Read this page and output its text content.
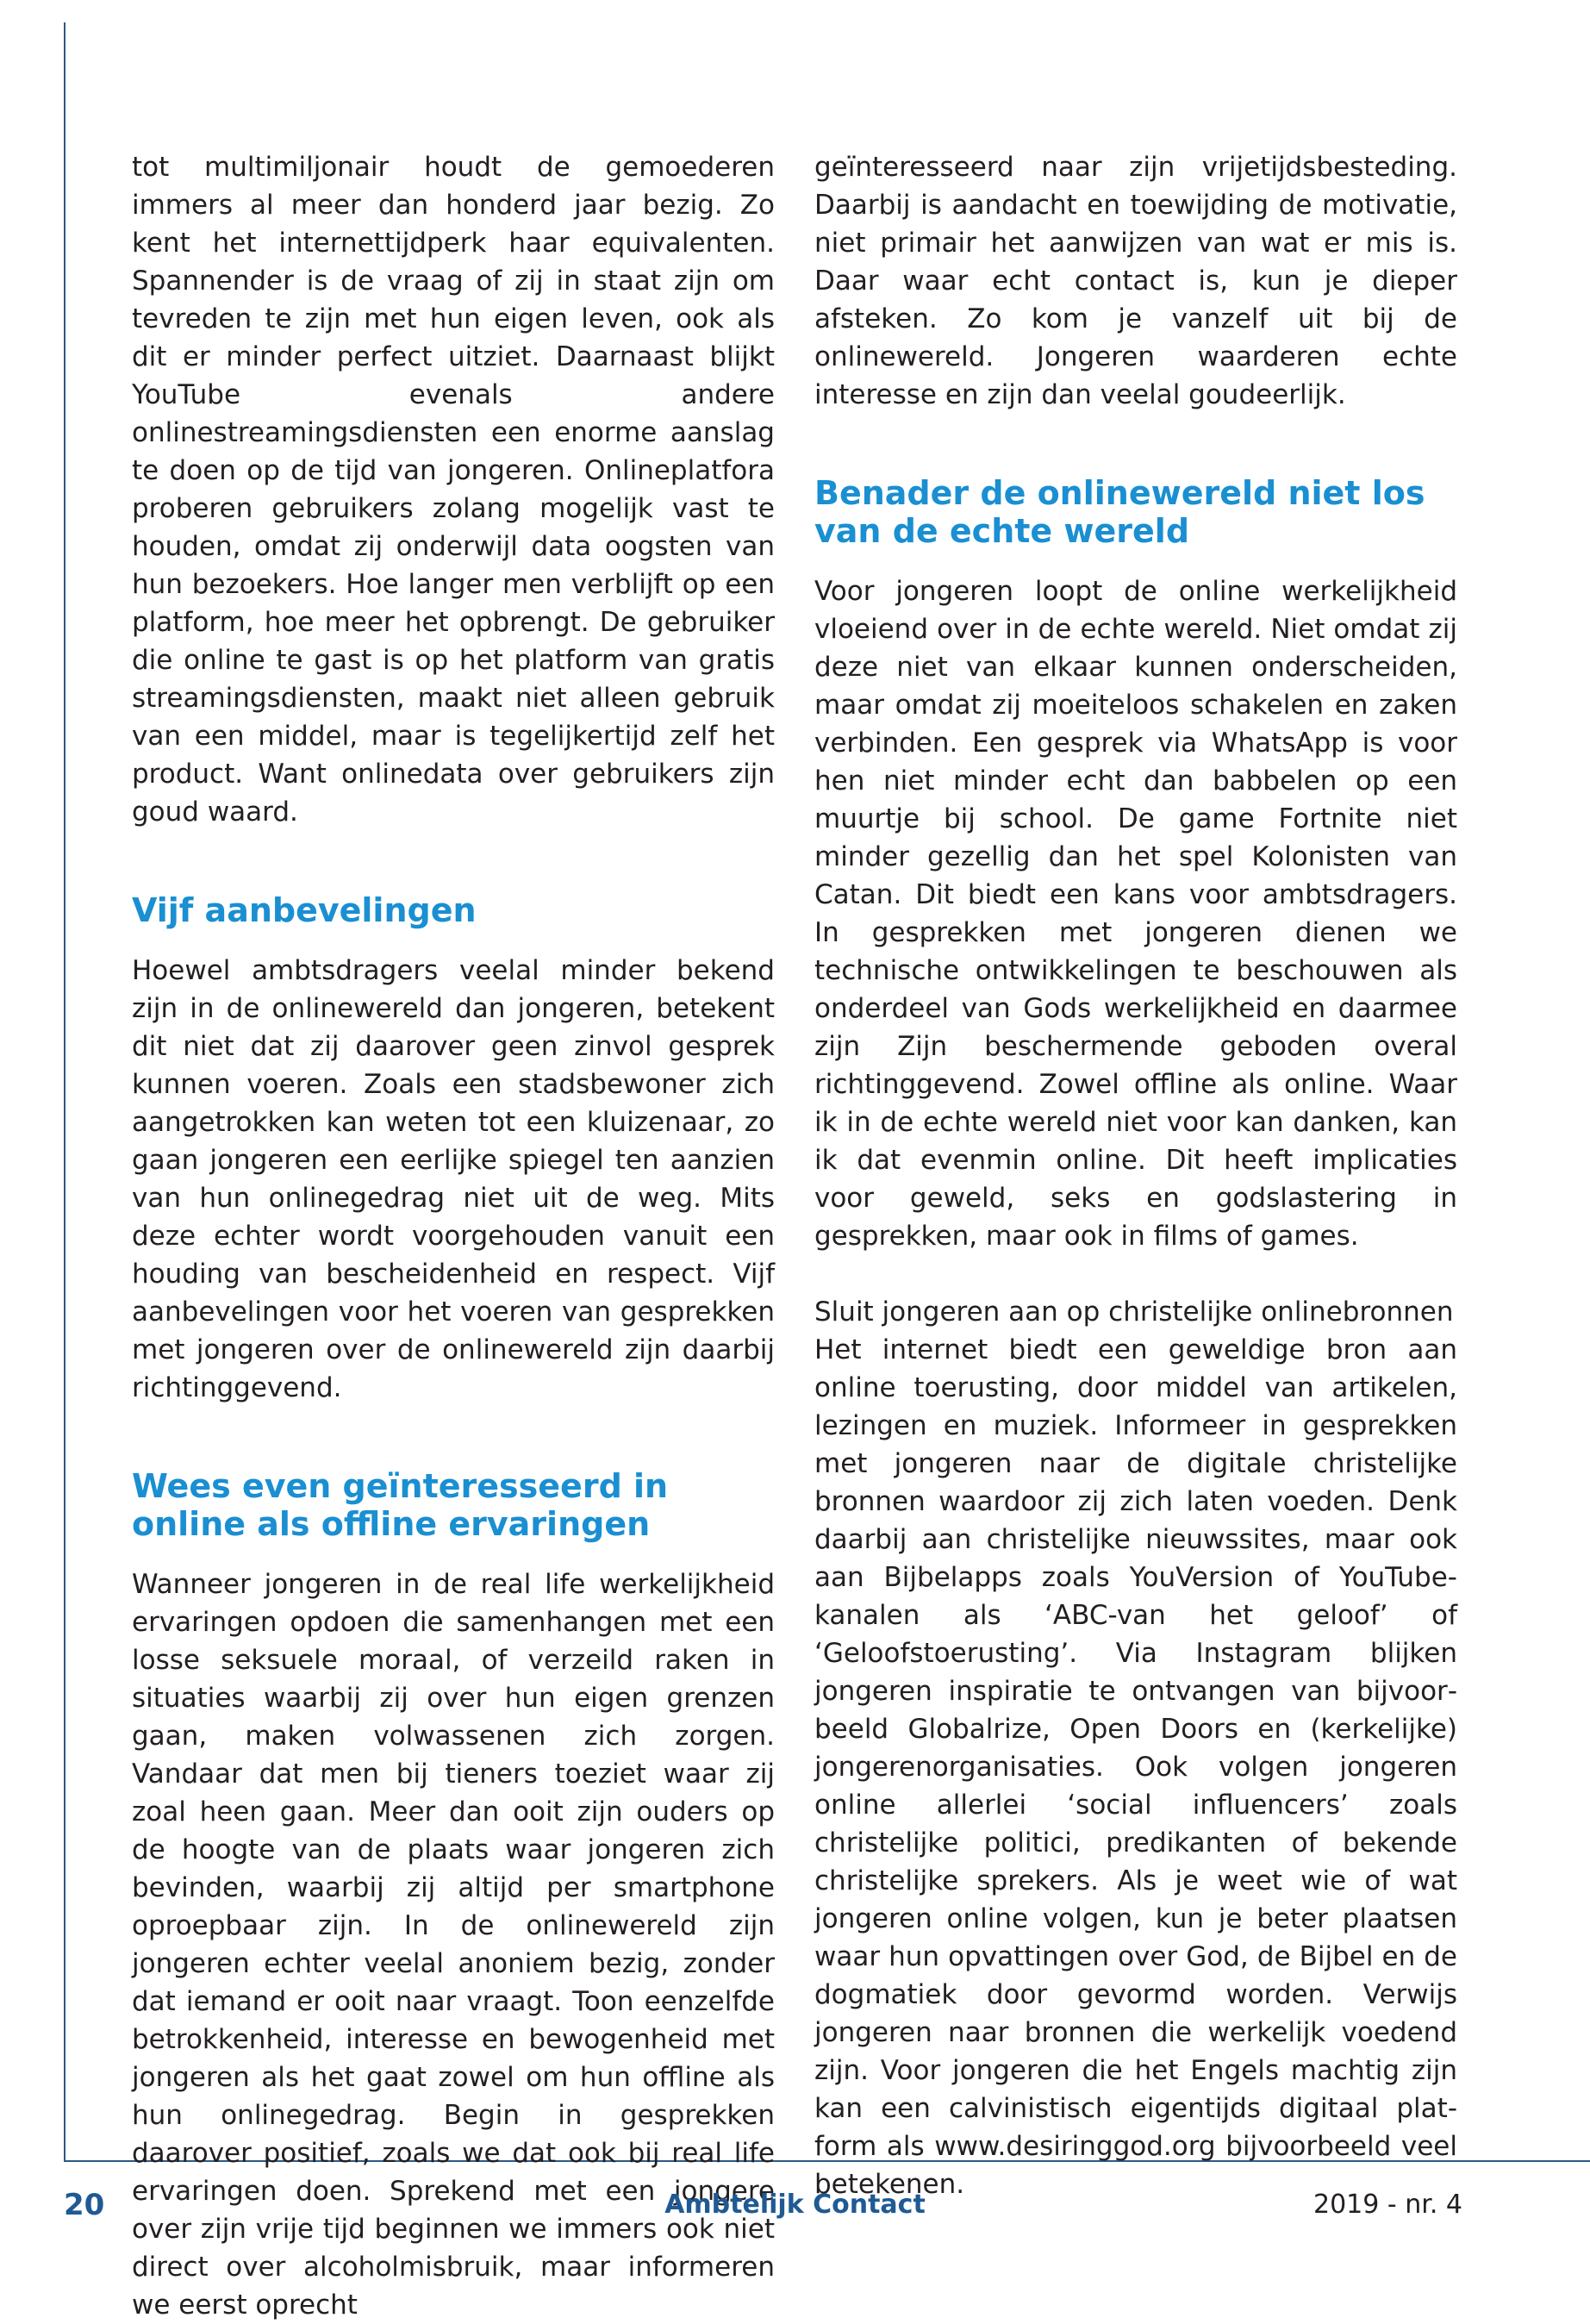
tot multimiljonair houdt de gemoederen immers al meer dan honderd jaar bezig. Zo kent het internettijdperk haar equivalenten. Spannender is de vraag of zij in staat zijn om tevreden te zijn met hun eigen leven, ook als dit er minder perfect uitziet. Daarnaast blijkt YouTube evenals andere onlinestreamingsdiensten een enorme aanslag te doen op de tijd van jongeren. Onlineplatfora proberen gebruikers zolang mogelijk vast te houden, omdat zij onderwijl data oogsten van hun bezoekers. Hoe langer men verblijft op een platform, hoe meer het opbrengt. De gebruiker die online te gast is op het platform van gratis streamingsdiensten, maakt niet alleen gebruik van een middel, maar is tegelijkertijd zelf het product. Want onlinedata over gebruikers zijn goud waard.

Vijf aanbevelingen

Hoewel ambtsdragers veelal minder bekend zijn in de onlinewereld dan jongeren, betekent dit niet dat zij daarover geen zinvol gesprek kunnen voeren. Zoals een stadsbewoner zich aangetrokken kan weten tot een kluizenaar, zo gaan jongeren een eerlijke spiegel ten aanzien van hun onlinegedrag niet uit de weg. Mits deze echter wordt voorgehouden vanuit een houding van bescheidenheid en respect. Vijf aanbevelingen voor het voeren van gesprekken met jongeren over de onlinewereld zijn daarbij richtinggevend.

Wees even geïnteresseerd in online als offline ervaringen

Wanneer jongeren in de real life werkelijkheid ervaringen opdoen die samenhangen met een losse seksuele moraal, of verzeild raken in situaties waarbij zij over hun eigen grenzen gaan, maken volwassenen zich zorgen. Vandaar dat men bij tieners toeziet waar zij zoal heen gaan. Meer dan ooit zijn ouders op de hoogte van de plaats waar jongeren zich bevinden, waarbij zij altijd per smartphone oproepbaar zijn. In de onlinewereld zijn jongeren echter veelal anoniem bezig, zonder dat iemand er ooit naar vraagt. Toon eenzelfde betrokkenheid, interesse en bewogenheid met jongeren als het gaat zowel om hun offline als hun onlinegedrag. Begin in gesprekken daarover positief, zoals we dat ook bij real life ervaringen doen. Sprekend met een jongere over zijn vrije tijd beginnen we immers ook niet direct over alcoholmisbruik, maar informeren we eerst oprecht

geïnteresseerd naar zijn vrijetijdsbesteding. Daarbij is aandacht en toewijding de motivatie, niet primair het aanwijzen van wat er mis is. Daar waar echt contact is, kun je dieper afsteken. Zo kom je vanzelf uit bij de onlinewereld. Jongeren waarderen echte interesse en zijn dan veelal goudeerlijk.

Benader de onlinewereld niet los van de echte wereld

Voor jongeren loopt de online werkelijkheid vloeiend over in de echte wereld. Niet omdat zij deze niet van elkaar kunnen onderscheiden, maar omdat zij moeiteloos schakelen en zaken verbinden. Een gesprek via WhatsApp is voor hen niet minder echt dan babbelen op een muurtje bij school. De game Fortnite niet minder gezellig dan het spel Kolonisten van Catan. Dit biedt een kans voor ambtsdragers. In gesprekken met jongeren dienen we technische ontwikkelingen te beschouwen als onderdeel van Gods werkelijkheid en daarmee zijn Zijn beschermende geboden overal richtinggevend. Zowel offline als online. Waar ik in de echte wereld niet voor kan danken, kan ik dat evenmin online. Dit heeft implicaties voor geweld, seks en godslastering in gesprekken, maar ook in films of games.

Sluit jongeren aan op christelijke onlinebronnen

Het internet biedt een geweldige bron aan online toerusting, door middel van artikelen, lezingen en muziek. Informeer in gesprekken met jongeren naar de digitale christelijke bronnen waardoor zij zich laten voeden. Denk daarbij aan christelijke nieuwssites, maar ook aan Bijbelapps zoals YouVersion of YouTube-kanalen als ‘ABC-van het geloof’ of ‘Geloofstoerusting’. Via Instagram blijken jongeren inspiratie te ontvangen van bijvoorbeeld Globalrize, Open Doors en (kerkelijke) jongerenorganisaties. Ook volgen jongeren online allerlei ‘social influencers’ zoals christelijke politici, predikanten of bekende christelijke sprekers. Als je weet wie of wat jongeren online volgen, kun je beter plaatsen waar hun opvattingen over God, de Bijbel en de dogmatiek door gevormd worden. Verwijs jongeren naar bronnen die werkelijk voedend zijn. Voor jongeren die het Engels machtig zijn kan een calvinistisch eigentijds digitaal platform als www.desiringgod.org bijvoorbeeld veel betekenen.

20	Ambtelijk Contact	2019 - nr. 4
